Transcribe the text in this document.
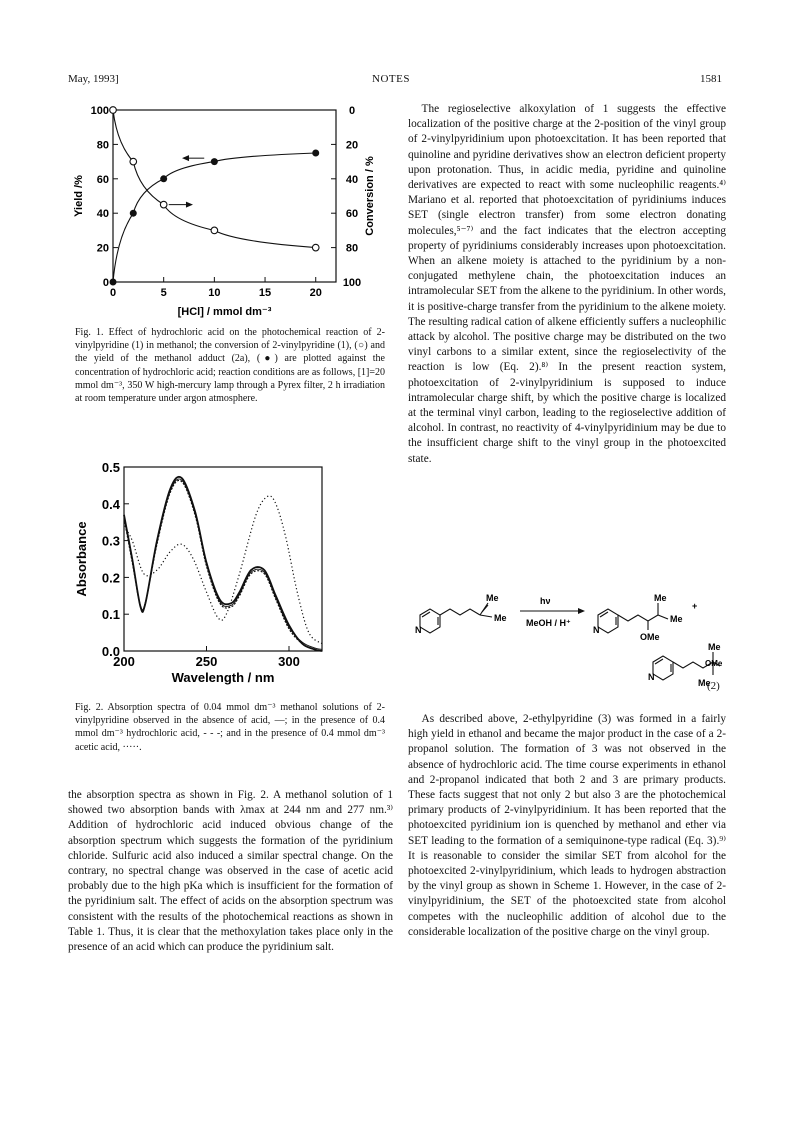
May, 1993]	NOTES	1581
0	5	10	15	20
0
0
20
20
40
40
60
60
80
80
100
100
[HCl] / mmol dm⁻³
Yield /%	Conversion / %
Fig. 1. Effect of hydrochloric acid on the photochemical reaction of 2-vinylpyridine (1) in methanol; the conversion of 2-vinylpyridine (1), (○) and the yield of the methanol adduct (2a), (●) are plotted against the concentration of hydrochloric acid; reaction conditions are as follows, [1]=20 mmol dm⁻³, 350 W high-mercury lamp through a Pyrex filter, 2 h irradiation at room temperature under argon atmosphere.
200	250	300
0.0
0.1
0.2
0.3
0.4
0.5
Wavelength / nm
Absorbance
Fig. 2. Absorption spectra of 0.04 mmol dm⁻³ methanol solutions of 2-vinylpyridine observed in the absence of acid, —; in the presence of 0.4 mmol dm⁻³ hydrochloric acid, - - -; and in the presence of 0.4 mmol dm⁻³ acetic acid, ·····.

the absorption spectra as shown in Fig. 2. A methanol solution of 1 showed two absorption bands with λmax at 244 nm and 277 nm.³⁾ Addition of hydrochloric acid induced obvious change of the absorption spectrum which suggests the formation of the pyridinium chloride. Sulfuric acid also induced a similar spectral change. On the contrary, no spectral change was observed in the case of acetic acid probably due to the high pKa which is insufficient for the formation of the pyridinium salt. The effect of acids on the absorption spectrum was consistent with the results of the photochemical reactions as shown in Table 1. Thus, it is clear that the methoxylation takes place only in the presence of an acid which can produce the pyridinium salt.

The regioselective alkoxylation of 1 suggests the effective localization of the positive charge at the 2-position of the vinyl group of 2-vinylpyridinium upon photoexcitation. It has been reported that quinoline and pyridine derivatives show an electron deficient property upon protonation. Thus, in acidic media, pyridine and quinoline derivatives are expected to react with some nucleophilic reagents.⁴⁾ Mariano et al. reported that photoexcitation of pyridiniums induces SET (single electron transfer) from some electron donating molecules,⁵⁻⁷⁾ and the fact indicates that the electron accepting property of pyridiniums considerably increases upon photoexcitation. When an alkene moiety is attached to the pyridinium by a non-conjugated methylene chain, the photoexcitation induces an intramolecular SET from the alkene to the pyridinium. In other words, it is positive-charge transfer from the pyridinium to the alkene moiety. The resulting radical cation of alkene efficiently suffers a nucleophilic attack by alcohol. The positive charge may be distributed on the two vinyl carbons to a similar extent, since the regioselectivity of the reaction is low (Eq. 2).⁸⁾ In the present reaction system, photoexcitation of 2-vinylpyridinium is supposed to induce intramolecular charge shift, by which the positive charge is localized at the terminal vinyl carbon, leading to the regioselective addition of alcohol. In contrast, no reactivity of 4-vinylpyridinium may be due to the insufficient charge shift to the vinyl group in the photoexcited state.

N
Me
Me
hν
MeOH / H⁺
N
Me
Me
OMe
+
N
Me
OMe
Me
(2)

As described above, 2-ethylpyridine (3) was formed in a fairly high yield in ethanol and became the major product in the case of a 2-propanol solution. The formation of 3 was not observed in the absence of hydrochloric acid. The time course experiments in ethanol and 2-propanol indicated that both 2 and 3 are primary products. These facts suggest that not only 2 but also 3 are the photochemical primary products of 2-vinylpyridinium. It has been reported that the photoexcited pyridinium ion is quenched by methanol and ether via SET leading to the formation of a semiquinone-type radical (Eq. 3).⁹⁾ It is reasonable to consider the similar SET from alcohol for the photoexcited 2-vinylpyridinium, which leads to hydrogen abstraction by the vinyl group as shown in Scheme 1. However, in the case of 2-vinylpyridinium, the SET of the photoexcited state from alcohol competes with the nucleophilic addition of alcohol due to the considerable localization of the positive charge on the vinyl group.
